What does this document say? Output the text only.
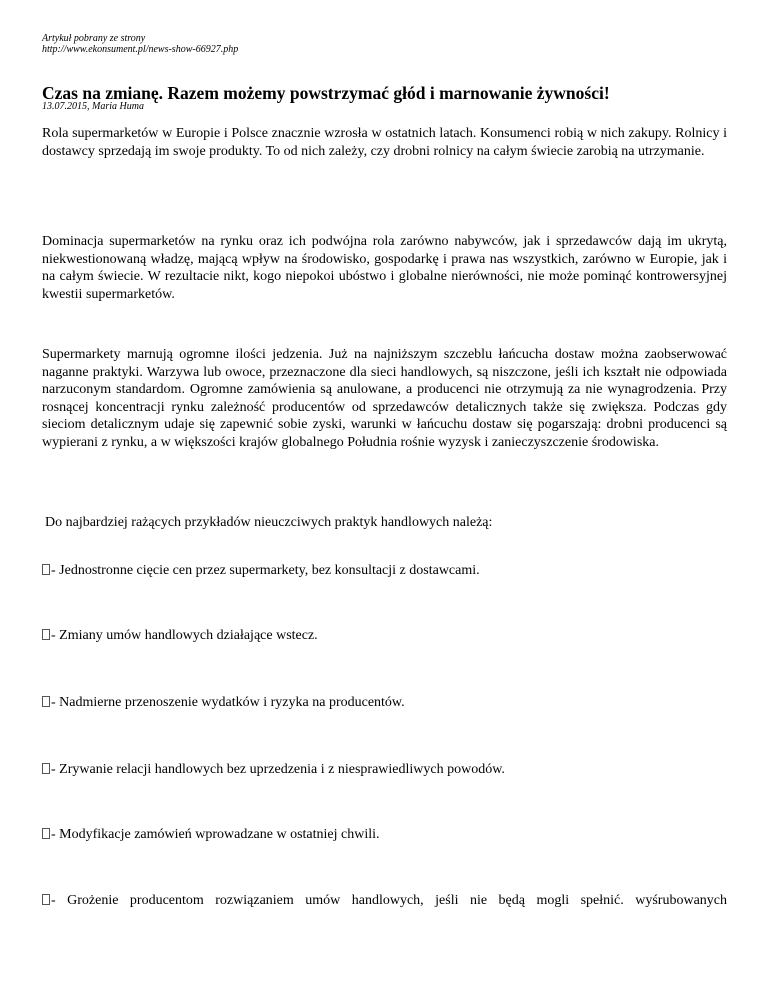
Artykuł pobrany ze strony
http://www.ekonsument.pl/news-show-66927.php
Czas na zmianę. Razem możemy powstrzymać głód i marnowanie żywności!
13.07.2015, Maria Huma

Rola supermarketów w Europie i Polsce znacznie wzrosła w ostatnich latach. Konsumenci robią w nich zakupy. Rolnicy i dostawcy sprzedają im swoje produkty. To od nich zależy, czy drobni rolnicy na całym świecie zarobią na utrzymanie.

Dominacja supermarketów na rynku oraz ich podwójna rola zarówno nabywców, jak i sprzedawców dają im ukrytą, niekwestionowaną władzę, mającą wpływ na środowisko, gospodarkę i prawa nas wszystkich, zarówno w Europie, jak i na całym świecie. W rezultacie nikt, kogo niepokoi ubóstwo i globalne nierówności, nie może pominąć kontrowersyjnej kwestii supermarketów.

Supermarkety marnują ogromne ilości jedzenia. Już na najniższym szczeblu łańcucha dostaw można zaobserwować naganne praktyki. Warzywa lub owoce, przeznaczone dla sieci handlowych, są niszczone, jeśli ich kształt nie odpowiada narzuconym standardom. Ogromne zamówienia są anulowane, a producenci nie otrzymują za nie wynagrodzenia. Przy rosnącej koncentracji rynku zależność producentów od sprzedawców detalicznych także się zwiększa. Podczas gdy sieciom detalicznym udaje się zapewnić sobie zyski, warunki w łańcuchu dostaw się pogarszają: drobni producenci są wypierani z rynku, a w większości krajów globalnego Południa rośnie wyzysk i zanieczyszczenie środowiska.

Do najbardziej rażących przykładów nieuczciwych praktyk handlowych należą:

- Jednostronne cięcie cen przez supermarkety, bez konsultacji z dostawcami.
- Zmiany umów handlowych działające wstecz.
- Nadmierne przenoszenie wydatków i ryzyka na producentów.
- Zrywanie relacji handlowych bez uprzedzenia i z niesprawiedliwych powodów.
- Modyfikacje zamówień wprowadzane w ostatniej chwili.
- Grożenie producentom rozwiązaniem umów handlowych, jeśli nie będą mogli spełnić. wyśrubowanych
